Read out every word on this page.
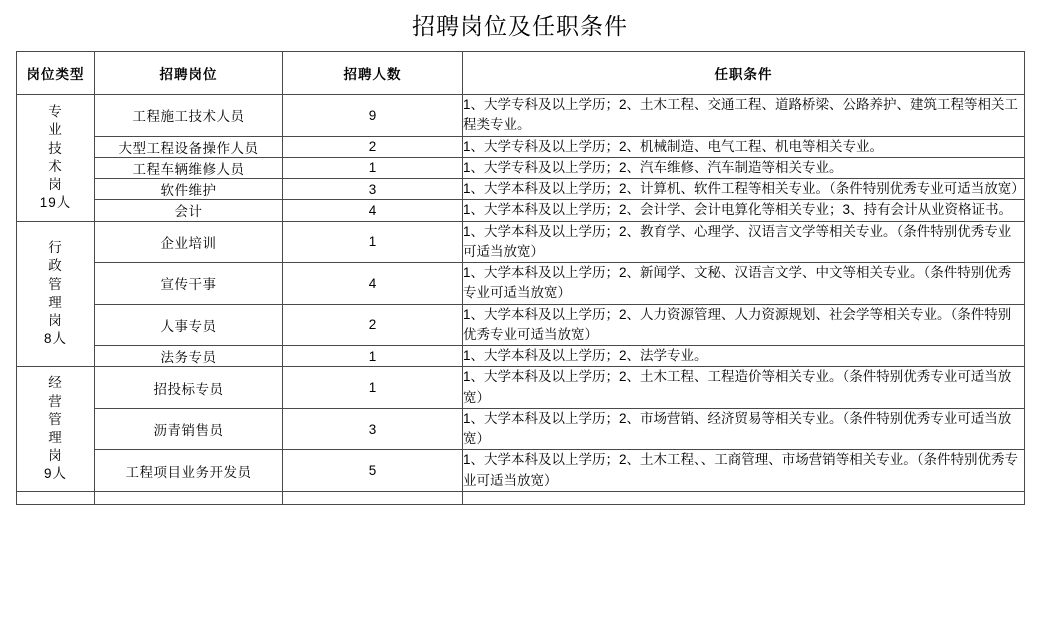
招聘岗位及任职条件
岗位类型	招聘岗位	招聘人数	任职条件

专
业
技
术
岗
19人
	工程施工技术人员	9	1、大学专科及以上学历；2、土木工程、交通工程、道路桥梁、公路养护、建筑工程等相关工程类专业。
	大型工程设备操作人员	2	1、大学专科及以上学历；2、机械制造、电气工程、机电等相关专业。
	工程车辆维修人员	1	1、大学专科及以上学历；2、汽车维修、汽车制造等相关专业。
	软件维护	3	1、大学本科及以上学历；2、计算机、软件工程等相关专业。（条件特别优秀专业可适当放宽）
	会计	4	1、大学本科及以上学历；2、会计学、会计电算化等相关专业；3、持有会计从业资格证书。

行
政
管
理
岗
8人
	企业培训	1	1、大学本科及以上学历；2、教育学、心理学、汉语言文学等相关专业。（条件特别优秀专业可适当放宽）
	宣传干事	4	1、大学本科及以上学历；2、新闻学、文秘、汉语言文学、中文等相关专业。（条件特别优秀专业可适当放宽）
	人事专员	2	1、大学本科及以上学历；2、人力资源管理、人力资源规划、社会学等相关专业。（条件特别优秀专业可适当放宽）
	法务专员	1	1、大学本科及以上学历；2、法学专业。

经
营
管
理
岗
9人
	招投标专员	1	1、大学本科及以上学历；2、土木工程、工程造价等相关专业。（条件特别优秀专业可适当放宽）
	沥青销售员	3	1、大学本科及以上学历；2、市场营销、经济贸易等相关专业。（条件特别优秀专业可适当放宽）
	工程项目业务开发员	5	1、大学本科及以上学历；2、土木工程、、工商管理、市场营销等相关专业。（条件特别优秀专业可适当放宽）
